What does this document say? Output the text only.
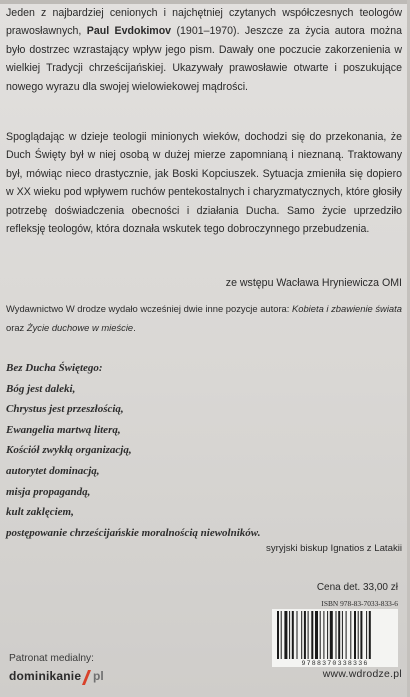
Jeden z najbardziej cenionych i najchętniej czytanych współczesnych teologów prawosławnych, Paul Evdokimov (1901–1970). Jeszcze za życia autora można było dostrzec wzrastający wpływ jego pism. Dawały one poczucie zakorzenienia w wielkiej Tradycji chrześcijańskiej. Ukazywały prawosławie otwarte i poszukujące nowego wyrazu dla swojej wielowiekowej mądrości.

Spoglądając w dzieje teologii minionych wieków, dochodzi się do przekonania, że Duch Święty był w niej osobą w dużej mierze zapomnianą i nieznaną. Traktowany był, mówiąc nieco drastycznie, jak Boski Kopciuszek. Sytuacja zmieniła się dopiero w XX wieku pod wpływem ruchów pentekostalnych i charyzmatycznych, które głosiły potrzebę doświadczenia obecności i działania Ducha. Samo życie uprzedziło refleksję teologów, która doznała wskutek tego dobroczynnego przebudzenia.

ze wstępu Wacława Hryniewicza OMI

Wydawnictwo W drodze wydało wcześniej dwie inne pozycje autora: Kobieta i zbawienie świata oraz Życie duchowe w mieście.

Bez Ducha Świętego:
Bóg jest daleki,
Chrystus jest przeszłością,
Ewangelia martwą literą,
Kościół zwykłą organizacją,
autorytet dominacją,
misja propagandą,
kult zaklęciem,
postępowanie chrześcijańskie moralnością niewolników.
syryjski biskup Ignatios z Latakii
Cena det. 33,00 zł
ISBN 978-83-7033-833-6
9788370338336
www.wdrodze.pl
Patronat medialny:
dominikanie pl
